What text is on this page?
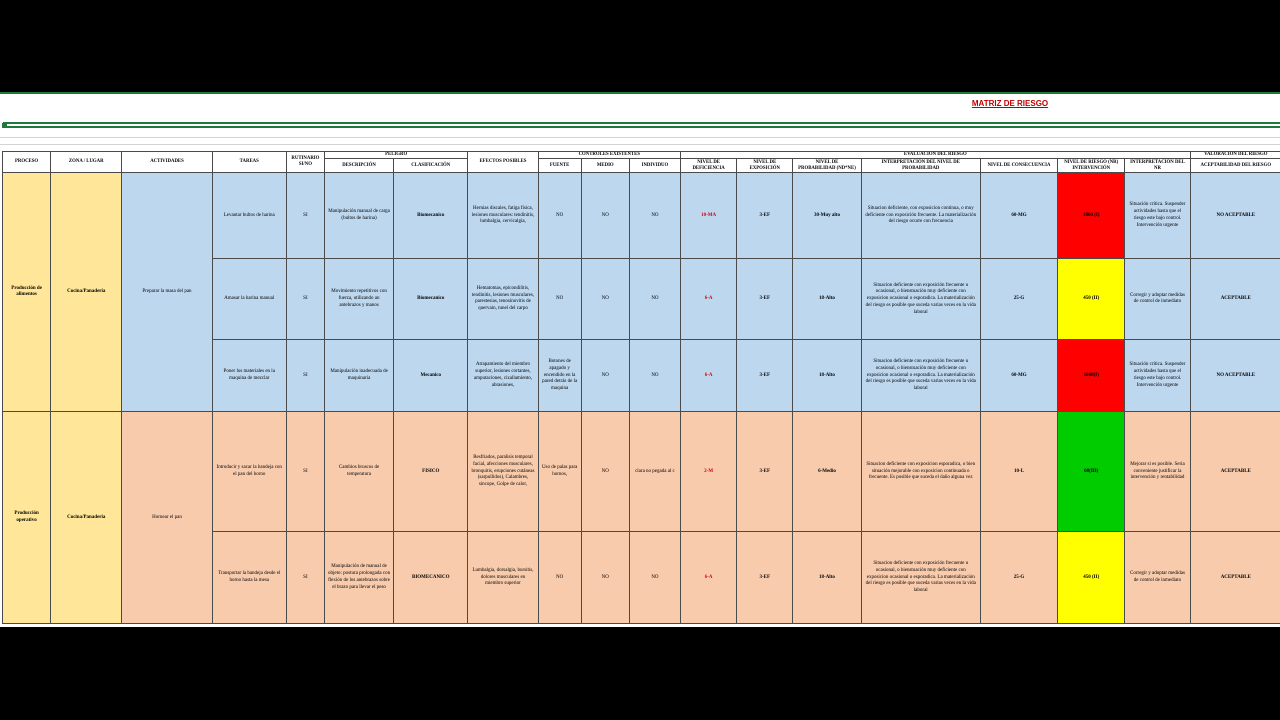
MATRIZ DE RIESGO
PROCESO	ZONA / LUGAR	ACTIVIDADES	TAREAS	RUTINARIO SI/NO	PELIGRO		EFECTOS POSIBLES	CONTROLES EXISTENTES			EVALUACIÓN DEL RIESGO							VALORACIÓN DEL RIESGO
					DESCRIPCIÓN	CLASIFICACIÓN		FUENTE	MEDIO	INDIVIDUO	NIVEL DE DEFICIENCIA	NIVEL DE EXPOSICIÓN	NIVEL DE PROBABILIDAD (ND*NE)	INTERPRETACIÓN DEL NIVEL DE PROBABILIDAD	NIVEL DE CONSECUENCIA	NIVEL DE RIESGO (NR) INTERVENCIÓN	INTERPRETACIÓN DEL NR	ACEPTABILIDAD DEL RIESGO
Producción de alimentos	Cocina/Panaderia	Preparar la masa del pan	Levantar bultos de harina	SI	Manipulación manual de carga (bultos de harina)	Biomecanico	Hernias discales, fatiga física, lesiones musculares: tendinitis, lumbalgia, cervicalgia,	NO	NO	NO	10-MA	3-EF	30-Muy alto	Situacion deficiente, con exposicion continua, o muy deficiente con exposición frecuente. La materialización del riesgo ocurre con frecuencia	60-MG	1800 (I)	Situación crítica. Suspender actividades hasta que el riesgo este bajo control. Intervención urgente	NO ACEPTABLE
			Amasar la harina manual	SI	Movimiento repetitivos con fuerza, utilizando an antebrazos y manos	Biomecanico	Hematomas, epicondilitis, tendinitis, lesiones musculares, parestesias, tenosinovitis de quervain, tunel del carpo	NO	NO	NO	6-A	3-EF	18-Alto	Situacion deficiente con exposición frecuente u ocasional, o bienstuación muy deficiente con exposicion ocasional o esporadica. La materialización del riesgo es posible que suceda varias veces en la vida laboral	25-G	450 (II)	Corregir y adoptar medidas de control de inmediato	ACEPTABLE
			Poner los materiales en la maquina de mezclar	SI	Manipulación inadecuada de maquinaria	Mecanico	Atrapamiento del miembro superior, lesiones cortantes, amputaciones, cizallamiento, abrasiones,	Botones de apagado y encendido en la pared detrás de la maquina	NO	NO	6-A	3-EF	18-Alto	Situacion deficiente con exposición frecuente u ocasional, o bienstuación muy deficiente con exposicion ocasional o esporadica. La materialización del riesgo es posible que suceda varias veces en la vida laboral	60-MG	1080(I)	Situación crítica. Suspender actividades hasta que el riesgo este bajo control. Intervención urgente	NO ACEPTABLE
Producción operativo	Cocina/Panaderia	Hornear el pan	Introducir y sacar la bandeja con el pan del horno	SI	Cambios bruscos de temperatura	FISICO	Resfriados, paralisis temporal facial, afecciones musculares, bronquitis, erupciones cutáneas (sarpullidos), Calambres, sincope, Golpe de calor,	Uso de palas para hornos,	NO	clara no pegada al c	2-M	3-EF	6-Medio	Situacion deficiente con exposicion esporadica, o bien situación mejorable con exposicion continuada o frecuente. Es posible que suceda el daño alguna vez	10-L	60(III)	Mejorar si es posible. Seria conveniente justificar la intervención y rentabilidad	ACEPTABLE
			Transportar la bandeja desde el horno hasta la mesa	SI	Manipulación de manual de objeto: postura prolongada con flexión de los antebrazos sobre el brazo para llevar el peso	BIOMECANICO	Lumbalgia, dorsalgia, bursitis, dolores musculares en miembro superior	NO	NO	NO	6-A	3-EF	18-Alto	Situacion deficiente con exposición frecuente u ocasional, o bienstuación muy deficiente con exposicion ocasional o esporadica. La materialización del riesgo es posible que suceda varias veces en la vida laboral	25-G	450 (II)	Corregir y adoptar medidas de control de inmediato	ACEPTABLE
